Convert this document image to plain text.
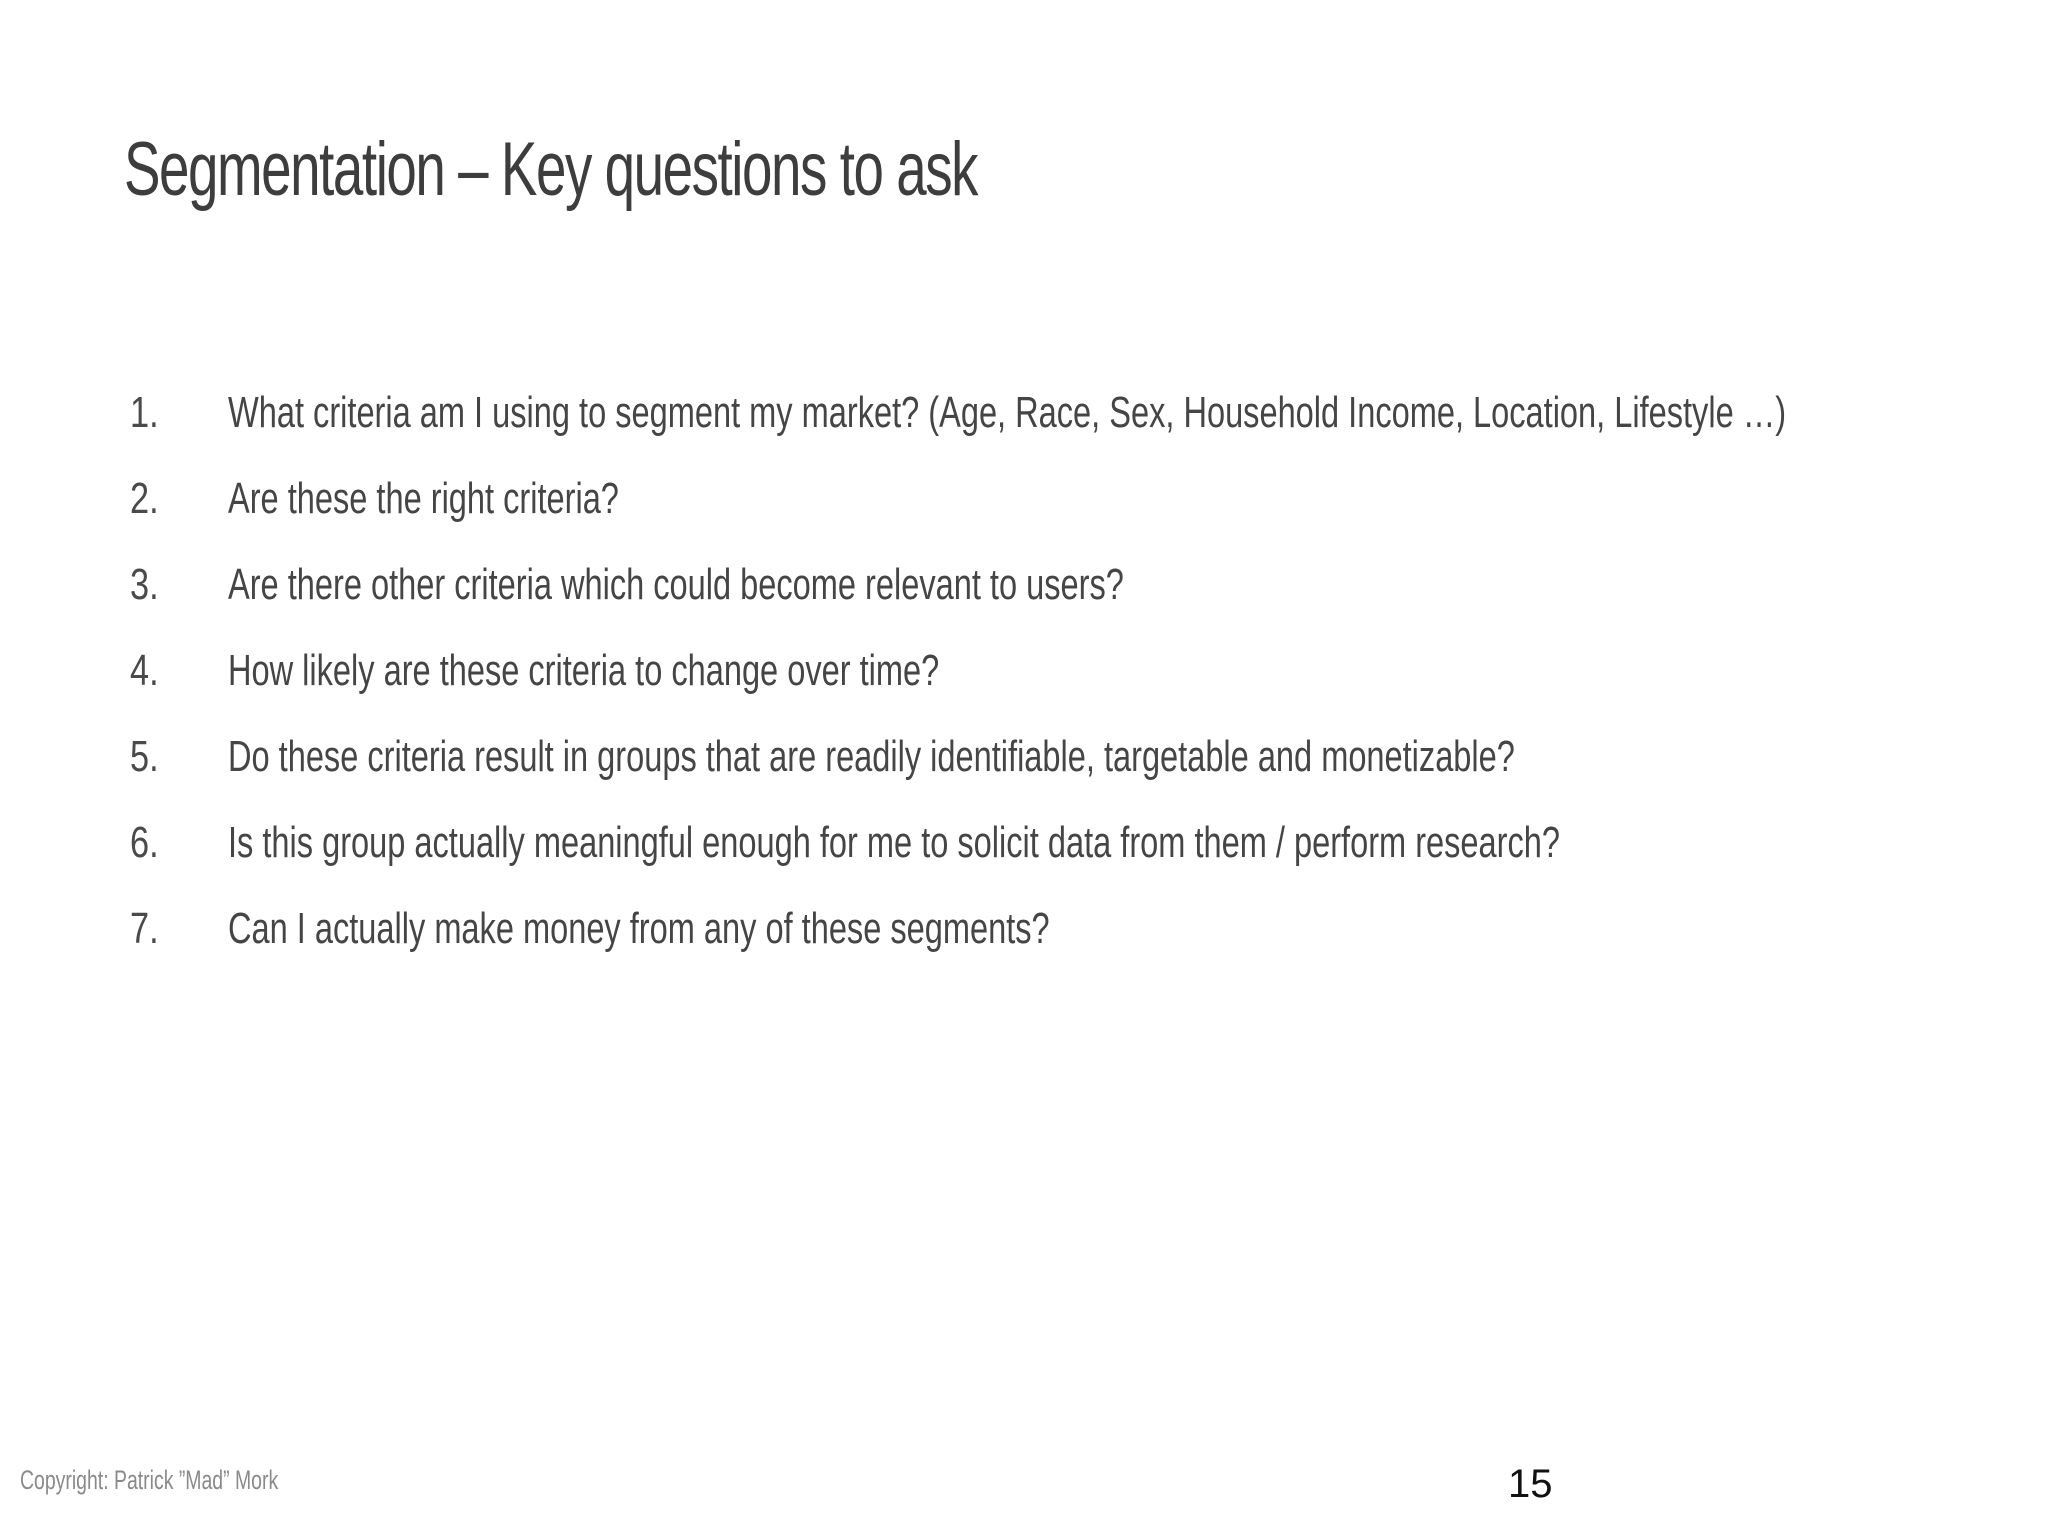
Segmentation – Key questions to ask
1.	What criteria am I using to segment my market? (Age, Race, Sex, Household Income, Location, Lifestyle …)
2.	Are these the right criteria?
3.	Are there other criteria which could become relevant to users?
4.	How likely are these criteria to change over time?
5.	Do these criteria result in groups that are readily identifiable, targetable and monetizable?
6.	Is this group actually meaningful enough for me to solicit data from them / perform research?
7.	Can I actually make money from any of these segments?
Copyright: Patrick ”Mad” Mork	15
